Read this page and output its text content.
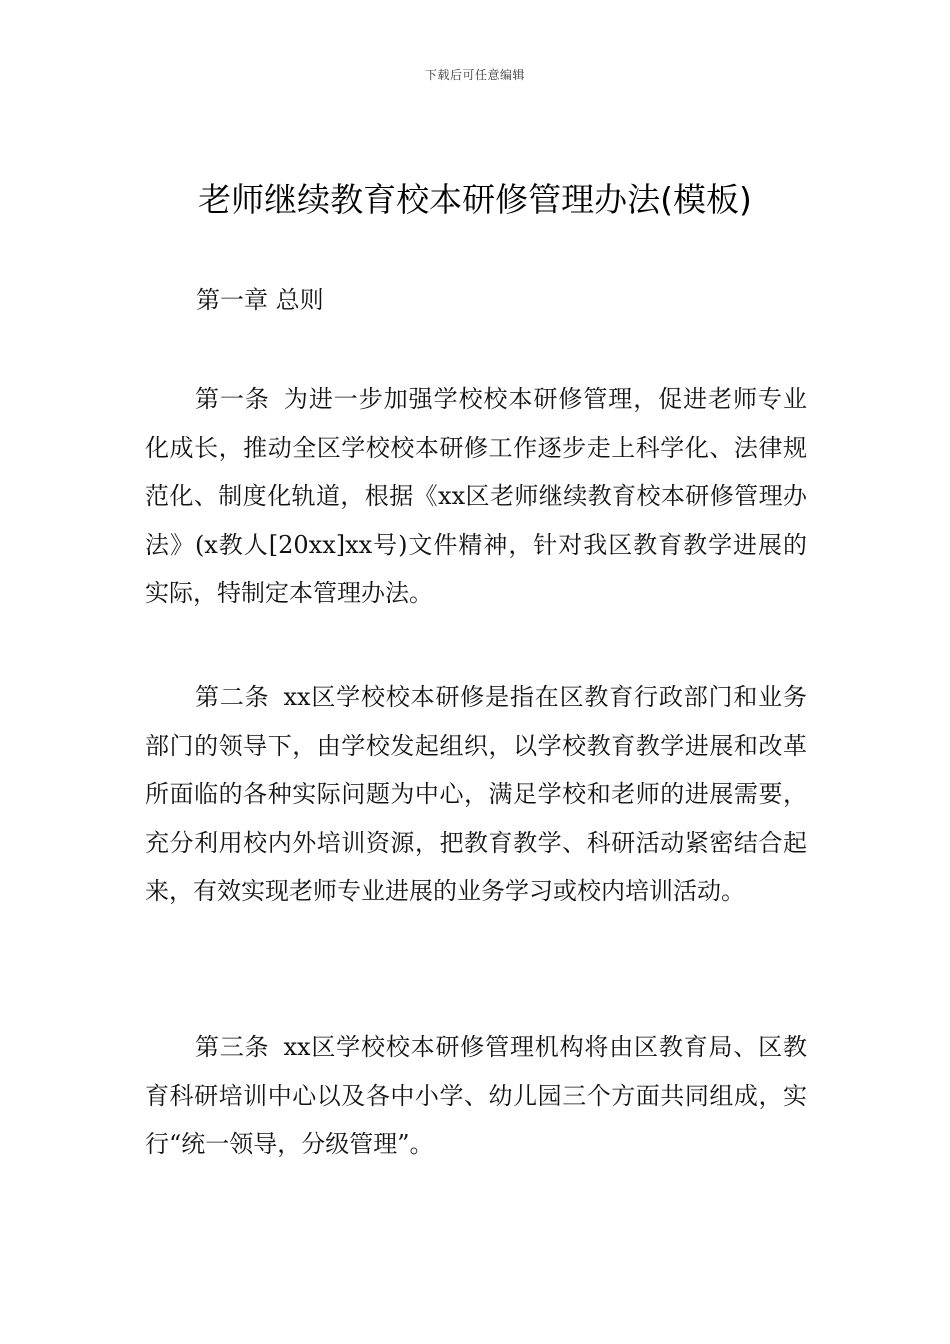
下载后可任意编辑
老师继续教育校本研修管理办法(模板)
第一章 总则

第一条 为进一步加强学校校本研修管理，促进老师专业化成长，推动全区学校校本研修工作逐步走上科学化、法律规范化、制度化轨道，根据《xx区老师继续教育校本研修管理办法》(x教人[20xx]xx号)文件精神，针对我区教育教学进展的实际，特制定本管理办法。

第二条 xx区学校校本研修是指在区教育行政部门和业务部门的领导下，由学校发起组织，以学校教育教学进展和改革所面临的各种实际问题为中心，满足学校和老师的进展需要，充分利用校内外培训资源，把教育教学、科研活动紧密结合起来，有效实现老师专业进展的业务学习或校内培训活动。

第三条 xx区学校校本研修管理机构将由区教育局、区教育科研培训中心以及各中小学、幼儿园三个方面共同组成，实行“统一领导，分级管理”。
